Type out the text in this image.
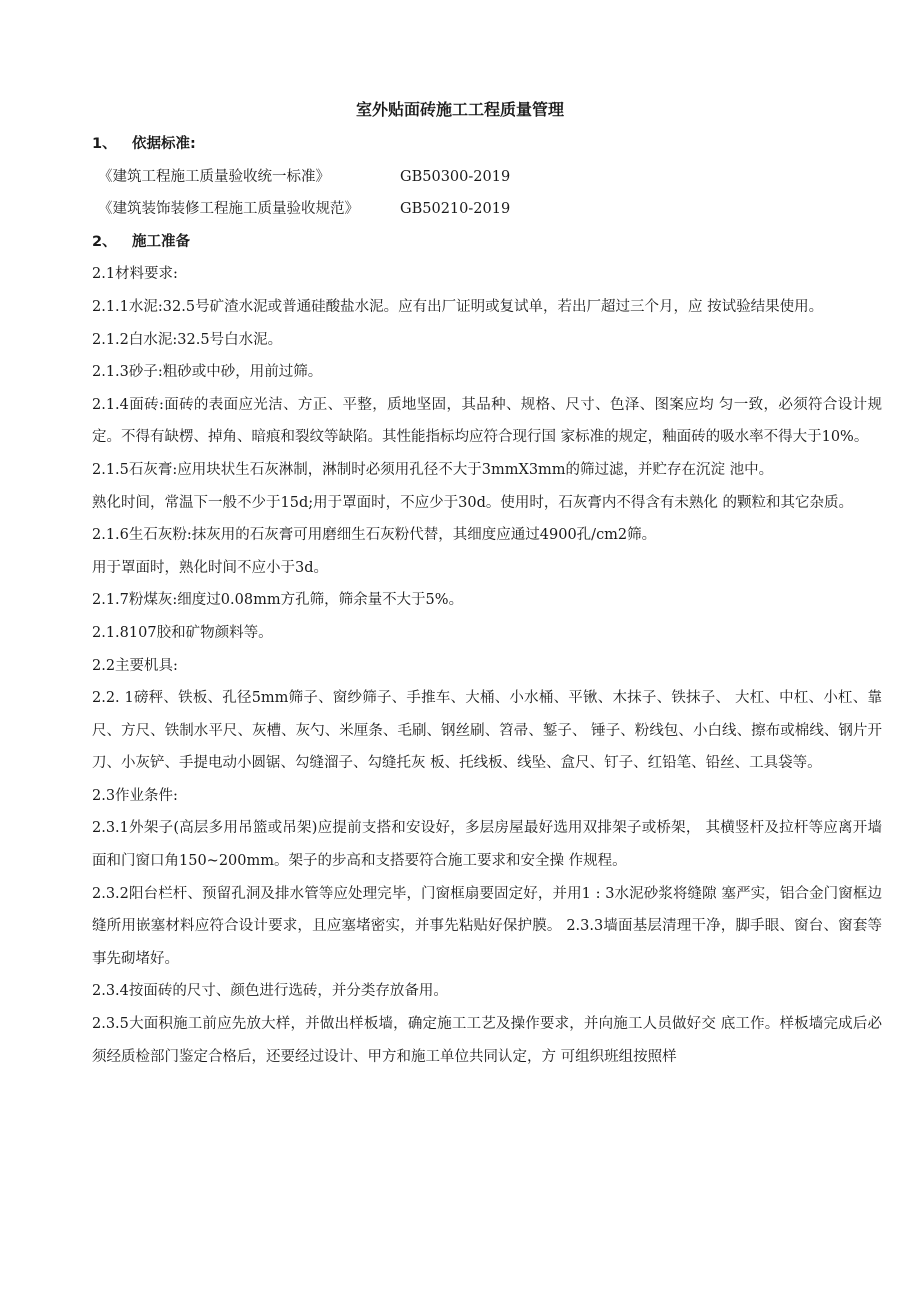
室外贴面砖施工工程质量管理

1、 依据标准:

《建筑工程施工质量验收统一标准》	GB50300-2019

《建筑装饰装修工程施工质量验收规范》	GB50210-2019

2、 施工准备

2.1材料要求:

2.1.1水泥:32.5号矿渣水泥或普通硅酸盐水泥。应有出厂证明或复试单，若出厂超过三个月，应 按试验结果使用。

2.1.2白水泥:32.5号白水泥。

2.1.3砂子:粗砂或中砂，用前过筛。

2.1.4面砖:面砖的表面应光洁、方正、平整，质地坚固，其品种、规格、尺寸、色泽、图案应均 匀一致，必须符合设计规定。不得有缺楞、掉角、暗痕和裂纹等缺陷。其性能指标均应符合现行国 家标准的规定，釉面砖的吸水率不得大于10%。

2.1.5石灰膏:应用块状生石灰淋制，淋制时必须用孔径不大于3mmX3mm的筛过滤，并贮存在沉淀 池中。

熟化时间，常温下一般不少于15d;用于罩面时，不应少于30d。使用时，石灰膏内不得含有未熟化 的颗粒和其它杂质。

2.1.6生石灰粉:抹灰用的石灰膏可用磨细生石灰粉代替，其细度应通过4900孔/cm2筛。

用于罩面时，熟化时间不应小于3d。

2.1.7粉煤灰:细度过0.08mm方孔筛，筛余量不大于5%。

2.1.8107胶和矿物颜料等。

2.2主要机具:

2.2. 1磅秤、铁板、孔径5mm筛子、窗纱筛子、手推车、大桶、小水桶、平锹、木抹子、铁抹子、 大杠、中杠、小杠、靠尺、方尺、铁制水平尺、灰槽、灰勺、米厘条、毛刷、钢丝刷、笤帚、錾子、 锤子、粉线包、小白线、擦布或棉线、钢片开刀、小灰铲、手提电动小圆锯、勾缝溜子、勾缝托灰 板、托线板、线坠、盒尺、钉子、红铅笔、铅丝、工具袋等。

2.3作业条件:

2.3.1外架子(高层多用吊篮或吊架)应提前支搭和安设好，多层房屋最好选用双排架子或桥架， 其横竖杆及拉杆等应离开墙面和门窗口角150~200mm。架子的步高和支搭要符合施工要求和安全操 作规程。

2.3.2阳台栏杆、预留孔洞及排水管等应处理完毕，门窗框扇要固定好，并用1 : 3水泥砂浆将缝隙 塞严实，铝合金门窗框边缝所用嵌塞材料应符合设计要求，且应塞堵密实，并事先粘贴好保护膜。 2.3.3墙面基层清理干净，脚手眼、窗台、窗套等事先砌堵好。

2.3.4按面砖的尺寸、颜色进行选砖，并分类存放备用。

2.3.5大面积施工前应先放大样，并做出样板墙，确定施工工艺及操作要求，并向施工人员做好交 底工作。样板墙完成后必须经质检部门鉴定合格后，还要经过设计、甲方和施工单位共同认定，方 可组织班组按照样
